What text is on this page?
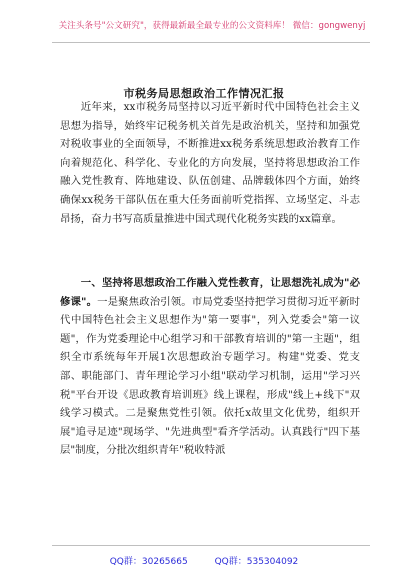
关注头条号"公文研究"，获得最新最全最专业的公文资料库！ 微信：gongwenyj
市税务局思想政治工作情况汇报

近年来，xx市税务局坚持以习近平新时代中国特色社会主义思想为指导，始终牢记税务机关首先是政治机关，坚持和加强党对税收事业的全面领导，不断推进xx税务系统思想政治教育工作向着规范化、科学化、专业化的方向发展，坚持将思想政治工作融入党性教育、阵地建设、队伍创建、品牌载体四个方面，始终确保xx税务干部队伍在重大任务面前听党指挥、立场坚定、斗志昂扬，奋力书写高质量推进中国式现代化税务实践的xx篇章。

一、坚持将思想政治工作融入党性教育，让思想洗礼成为"必修课"。一是聚焦政治引领。市局党委坚持把学习贯彻习近平新时代中国特色社会主义思想作为"第一要事"，列入党委会"第一议题"，作为党委理论中心组学习和干部教育培训的"第一主题"，组织全市系统每年开展1次思想政治专题学习。构建"党委、党支部、职能部门、青年理论学习小组"联动学习机制，运用"学习兴税"平台开设《思政教育培训班》线上课程，形成"线上+线下"双线学习模式。二是聚焦党性引领。依托x故里文化优势，组织开展"追寻足迹"现场学、"先进典型"看齐学活动。认真践行"四下基层"制度，分批次组织青年"税收特派

QQ群：30265665	QQ群：535304092
